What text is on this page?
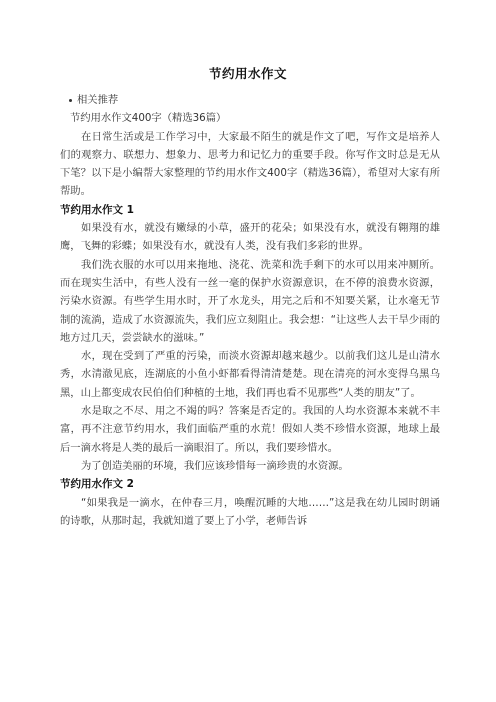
节约用水作文
相关推荐

节约用水作文400字（精选36篇）

在日常生活或是工作学习中，大家最不陌生的就是作文了吧，写作文是培养人们的观察力、联想力、想象力、思考力和记忆力的重要手段。你写作文时总是无从下笔？以下是小编帮大家整理的节约用水作文400字（精选36篇），希望对大家有所帮助。

节约用水作文 1

如果没有水，就没有嫩绿的小草，盛开的花朵；如果没有水，就没有翱翔的雄鹰，飞舞的彩蝶；如果没有水，就没有人类，没有我们多彩的世界。

我们洗衣服的水可以用来拖地、浇花、洗菜和洗手剩下的水可以用来冲厕所。而在现实生活中，有些人没有一丝一毫的保护水资源意识，在不停的浪费水资源，污染水资源。有些学生用水时，开了水龙头，用完之后和不知要关紧，让水毫无节制的流淌，造成了水资源流失，我们应立刻阻止。我会想：“让这些人去干旱少雨的地方过几天，尝尝缺水的滋味。”

水，现在受到了严重的污染，而淡水资源却越来越少。以前我们这儿是山清水秀，水清澈见底，连湖底的小鱼小虾都看得清清楚楚。现在清亮的河水变得乌黑乌黑，山上都变成农民伯伯们种植的土地，我们再也看不见那些“人类的朋友”了。

水是取之不尽、用之不竭的吗？答案是否定的。我国的人均水资源本来就不丰富，再不注意节约用水，我们面临严重的水荒！假如人类不珍惜水资源，地球上最后一滴水将是人类的最后一滴眼泪了。所以，我们要珍惜水。

为了创造美丽的环境，我们应该珍惜每一滴珍贵的水资源。

节约用水作文 2

“如果我是一滴水，在仲春三月，唤醒沉睡的大地……”这是我在幼儿园时朗诵的诗歌，从那时起，我就知道了要上了小学，老师告诉
